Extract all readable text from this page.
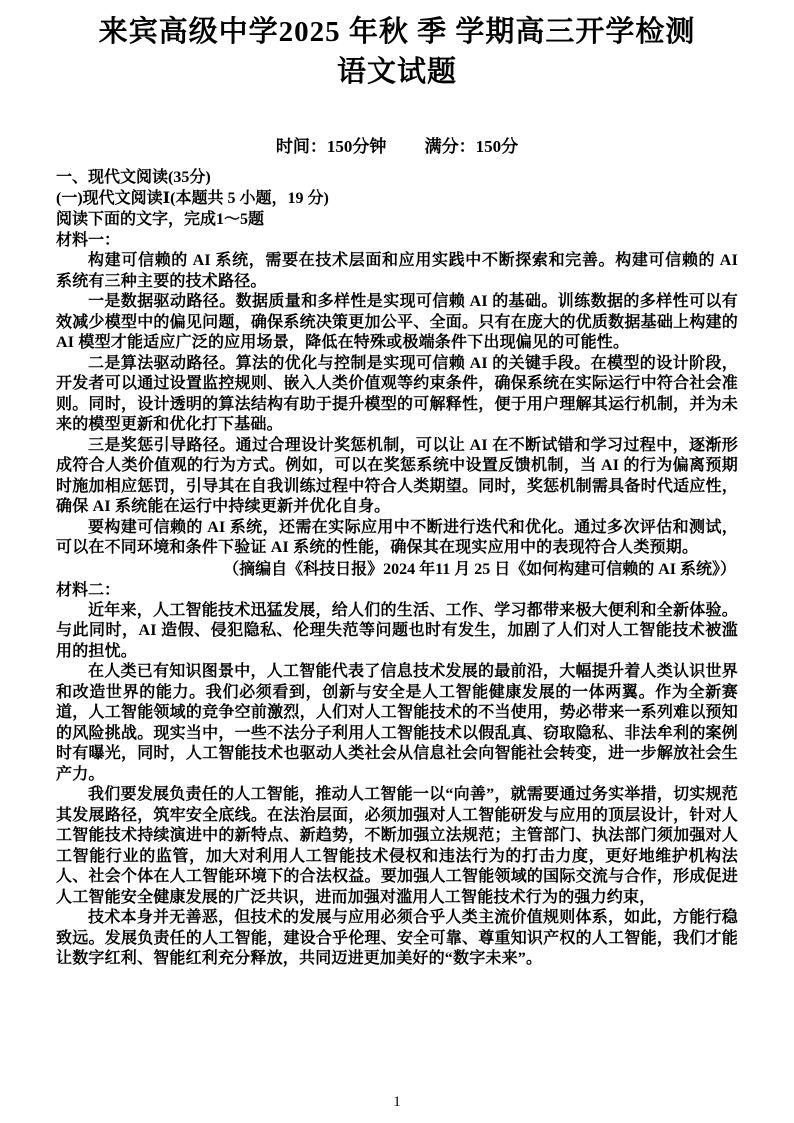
来宾高级中学2025 年秋 季 学期高三开学检测
语文试题
时间：150分钟 满分：150分
一、现代文阅读(35分)
(一)现代文阅读Ⅰ(本题共 5 小题，19 分)
阅读下面的文字，完成1～5题
材料一：

构建可信赖的 AI 系统，需要在技术层面和应用实践中不断探索和完善。构建可信赖的 AI 系统有三种主要的技术路径。

一是数据驱动路径。数据质量和多样性是实现可信赖 AI 的基础。训练数据的多样性可以有效减少模型中的偏见问题，确保系统决策更加公平、全面。只有在庞大的优质数据基础上构建的 AI 模型才能适应广泛的应用场景，降低在特殊或极端条件下出现偏见的可能性。

二是算法驱动路径。算法的优化与控制是实现可信赖 AI 的关键手段。在模型的设计阶段，开发者可以通过设置监控规则、嵌入人类价值观等约束条件，确保系统在实际运行中符合社会准则。同时，设计透明的算法结构有助于提升模型的可解释性，便于用户理解其运行机制，并为未来的模型更新和优化打下基础。

三是奖惩引导路径。通过合理设计奖惩机制，可以让 AI 在不断试错和学习过程中，逐渐形成符合人类价值观的行为方式。例如，可以在奖惩系统中设置反馈机制，当 AI 的行为偏离预期时施加相应惩罚，引导其在自我训练过程中符合人类期望。同时，奖惩机制需具备时代适应性，确保 AI 系统能在运行中持续更新并优化自身。

要构建可信赖的 AI 系统，还需在实际应用中不断进行迭代和优化。通过多次评估和测试，可以在不同环境和条件下验证 AI 系统的性能，确保其在现实应用中的表现符合人类预期。

（摘编自《科技日报》2024 年11 月 25 日《如何构建可信赖的 AI 系统》）

材料二：

近年来，人工智能技术迅猛发展，给人们的生活、工作、学习都带来极大便利和全新体验。与此同时，AI 造假、侵犯隐私、伦理失范等问题也时有发生，加剧了人们对人工智能技术被滥用的担忧。

在人类已有知识图景中，人工智能代表了信息技术发展的最前沿，大幅提升着人类认识世界和改造世界的能力。我们必须看到，创新与安全是人工智能健康发展的一体两翼。作为全新赛道，人工智能领域的竞争空前激烈，人们对人工智能技术的不当使用，势必带来一系列难以预知的风险挑战。现实当中，一些不法分子利用人工智能技术以假乱真、窃取隐私、非法牟利的案例时有曝光，同时，人工智能技术也驱动人类社会从信息社会向智能社会转变，进一步解放社会生产力。

我们要发展负责任的人工智能，推动人工智能一以“向善”，就需要通过务实举措，切实规范其发展路径，筑牢安全底线。在法治层面，必须加强对人工智能研发与应用的顶层设计，针对人工智能技术持续演进中的新特点、新趋势，不断加强立法规范；主管部门、执法部门须加强对人工智能行业的监管，加大对利用人工智能技术侵权和违法行为的打击力度，更好地维护机构法人、社会个体在人工智能环境下的合法权益。要加强人工智能领域的国际交流与合作，形成促进人工智能安全健康发展的广泛共识，进而加强对滥用人工智能技术行为的强力约束，

技术本身并无善恶，但技术的发展与应用必须合乎人类主流价值规则体系，如此，方能行稳致远。发展负责任的人工智能，建设合乎伦理、安全可靠、尊重知识产权的人工智能，我们才能让数字红利、智能红利充分释放，共同迈进更加美好的“数字未来”。

1
